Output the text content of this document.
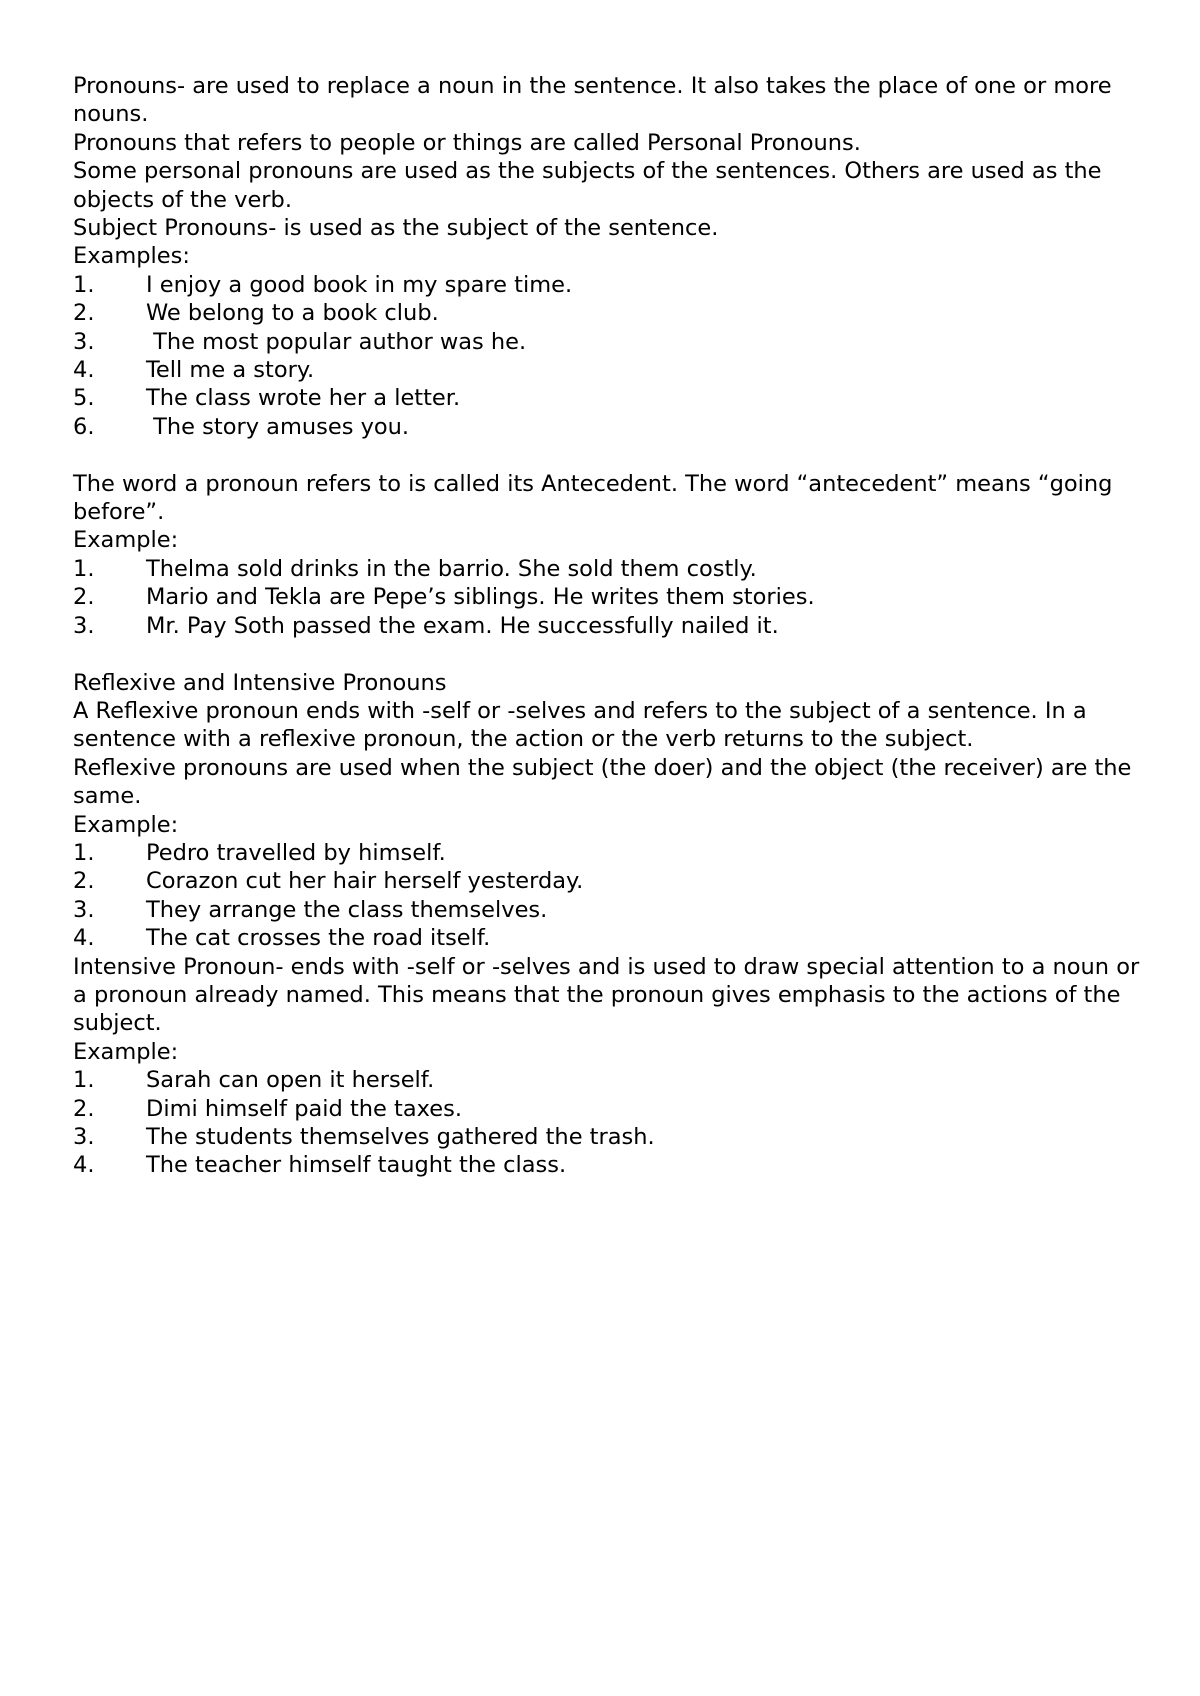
Pronouns- are used to replace a noun in the sentence. It also takes the place of one or more nouns.

Pronouns that refers to people or things are called Personal Pronouns.

Some personal pronouns are used as the subjects of the sentences. Others are used as the objects of the verb.

Subject Pronouns- is used as the subject of the sentence.

Examples:

1.	I enjoy a good book in my spare time.
2.	We belong to a book club.
3.	The most popular author was he.
4.	Tell me a story.
5.	The class wrote her a letter.
6.	The story amuses you.

The word a pronoun refers to is called its Antecedent. The word “antecedent” means “going before”.

Example:

1.	Thelma sold drinks in the barrio. She sold them costly.
2.	Mario and Tekla are Pepe’s siblings. He writes them stories.
3.	Mr. Pay Soth passed the exam. He successfully nailed it.

Reflexive and Intensive Pronouns

A Reflexive pronoun ends with -self or -selves and refers to the subject of a sentence. In a sentence with a reflexive pronoun, the action or the verb returns to the subject.

Reflexive pronouns are used when the subject (the doer) and the object (the receiver) are the same.

Example:

1.	Pedro travelled by himself.
2.	Corazon cut her hair herself yesterday.
3.	They arrange the class themselves.
4.	The cat crosses the road itself.

Intensive Pronoun- ends with -self or -selves and is used to draw special attention to a noun or a pronoun already named. This means that the pronoun gives emphasis to the actions of the subject.

Example:

1.	Sarah can open it herself.
2.	Dimi himself paid the taxes.
3.	The students themselves gathered the trash.
4.	The teacher himself taught the class.
